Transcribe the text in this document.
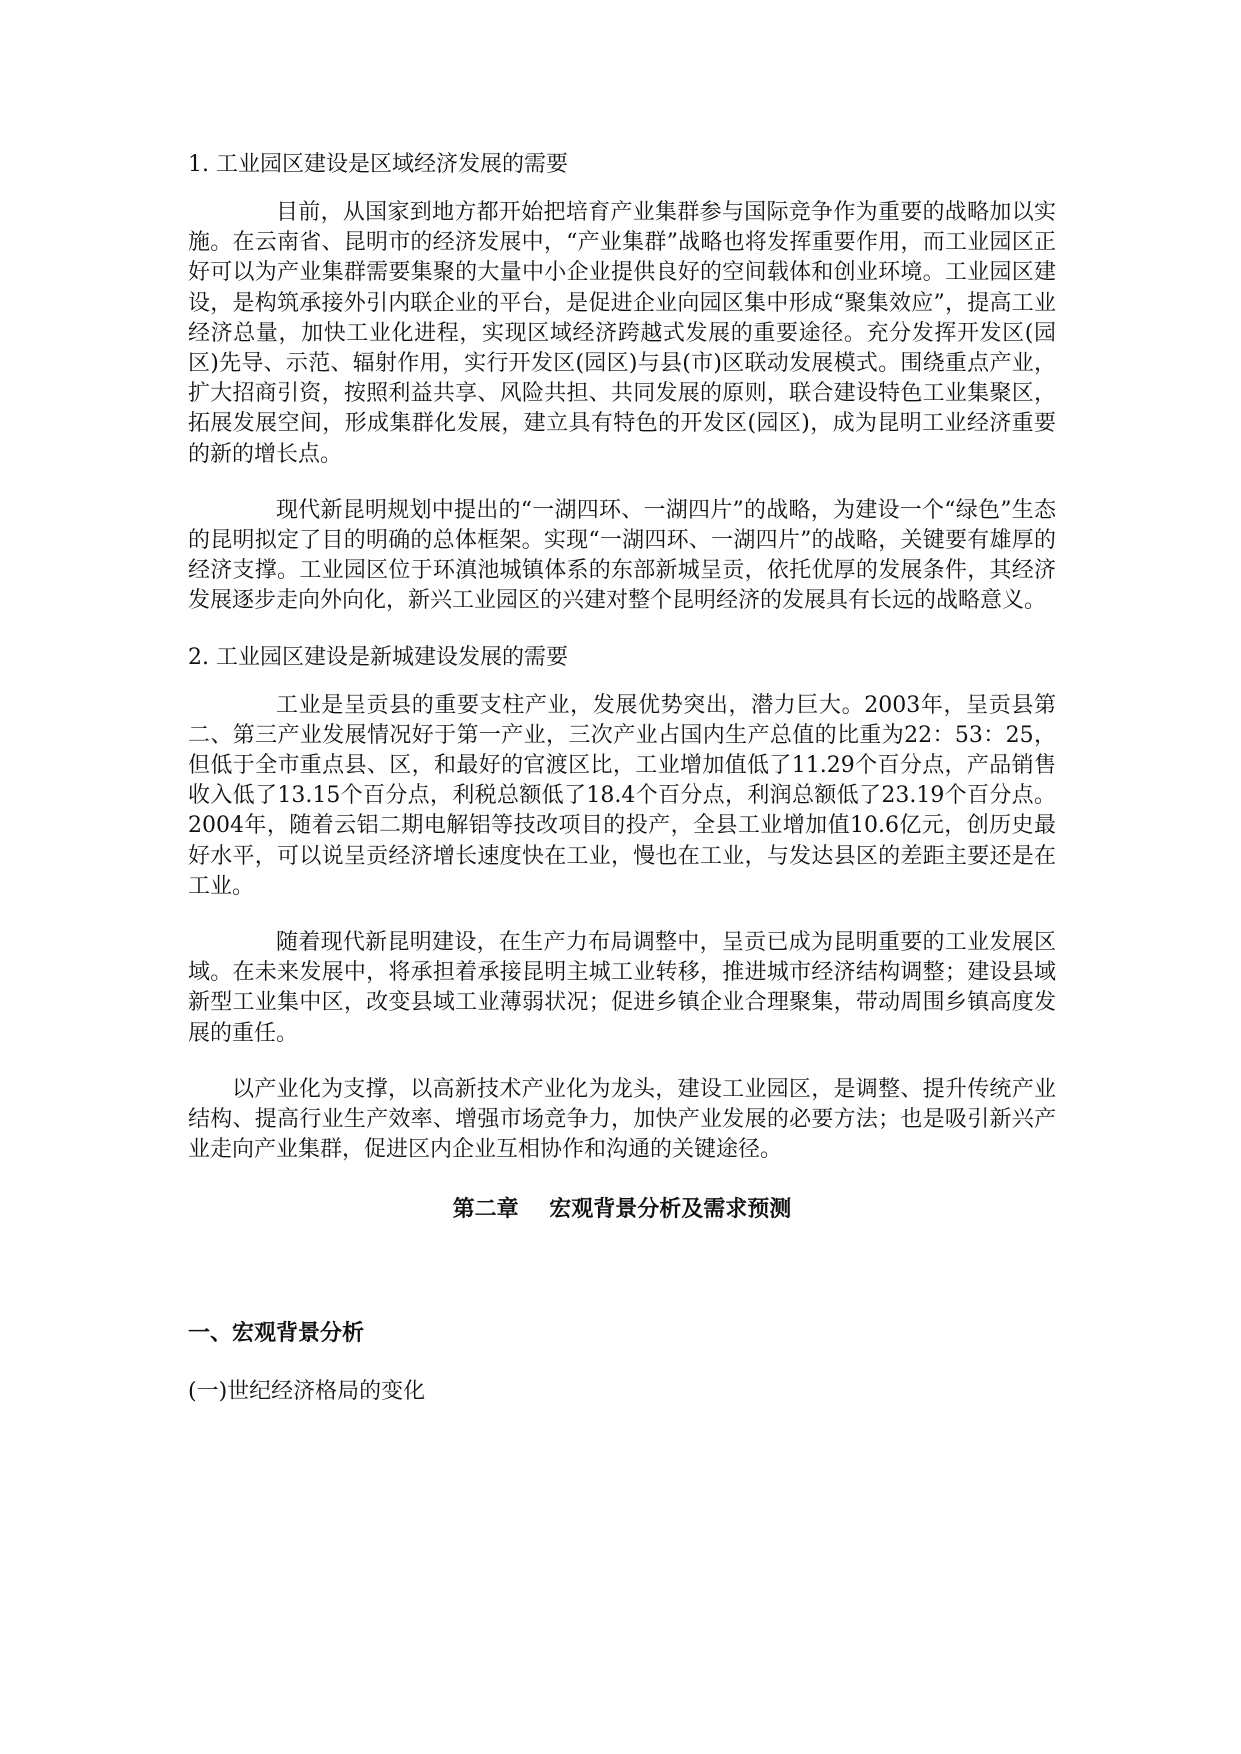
1. 工业园区建设是区域经济发展的需要

目前，从国家到地方都开始把培育产业集群参与国际竞争作为重要的战略加以实施。在云南省、昆明市的经济发展中，“产业集群”战略也将发挥重要作用，而工业园区正好可以为产业集群需要集聚的大量中小企业提供良好的空间载体和创业环境。工业园区建设，是构筑承接外引内联企业的平台，是促进企业向园区集中形成“聚集效应”，提高工业经济总量，加快工业化进程，实现区域经济跨越式发展的重要途径。充分发挥开发区(园区)先导、示范、辐射作用，实行开发区(园区)与县(市)区联动发展模式。围绕重点产业，扩大招商引资，按照利益共享、风险共担、共同发展的原则，联合建设特色工业集聚区，拓展发展空间，形成集群化发展，建立具有特色的开发区(园区)，成为昆明工业经济重要的新的增长点。

现代新昆明规划中提出的“一湖四环、一湖四片”的战略，为建设一个“绿色”生态的昆明拟定了目的明确的总体框架。实现“一湖四环、一湖四片”的战略，关键要有雄厚的经济支撑。工业园区位于环滇池城镇体系的东部新城呈贡，依托优厚的发展条件，其经济发展逐步走向外向化，新兴工业园区的兴建对整个昆明经济的发展具有长远的战略意义。

2. 工业园区建设是新城建设发展的需要

工业是呈贡县的重要支柱产业，发展优势突出，潜力巨大。2003年，呈贡县第二、第三产业发展情况好于第一产业，三次产业占国内生产总值的比重为22：53：25，但低于全市重点县、区，和最好的官渡区比，工业增加值低了11.29个百分点，产品销售收入低了13.15个百分点，利税总额低了18.4个百分点，利润总额低了23.19个百分点。2004年，随着云铝二期电解铝等技改项目的投产，全县工业增加值10.6亿元，创历史最好水平，可以说呈贡经济增长速度快在工业，慢也在工业，与发达县区的差距主要还是在工业。

随着现代新昆明建设，在生产力布局调整中，呈贡已成为昆明重要的工业发展区域。在未来发展中，将承担着承接昆明主城工业转移，推进城市经济结构调整；建设县域新型工业集中区，改变县域工业薄弱状况；促进乡镇企业合理聚集，带动周围乡镇高度发展的重任。

以产业化为支撑，以高新技术产业化为龙头，建设工业园区，是调整、提升传统产业结构、提高行业生产效率、增强市场竞争力，加快产业发展的必要方法；也是吸引新兴产业走向产业集群，促进区内企业互相协作和沟通的关键途径。

第二章    宏观背景分析及需求预测
一、宏观背景分析
(一)世纪经济格局的变化
